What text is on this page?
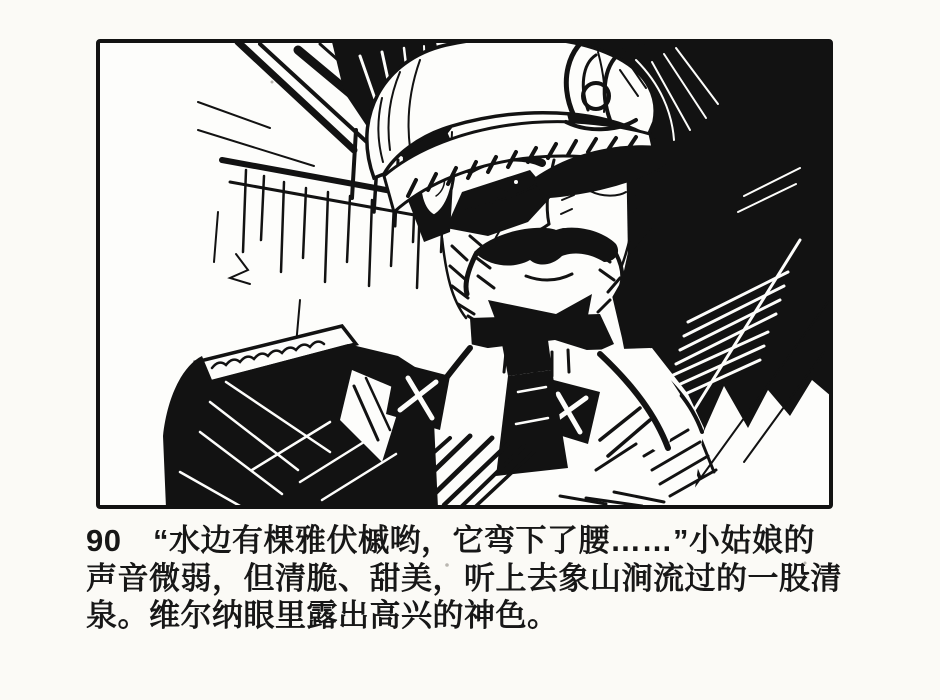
90　“水边有棵雅伏槭哟，它弯下了腰……”小姑娘的
声音微弱，但清脆、甜美，听上去象山涧流过的一股清
泉。维尔纳眼里露出高兴的神色。
